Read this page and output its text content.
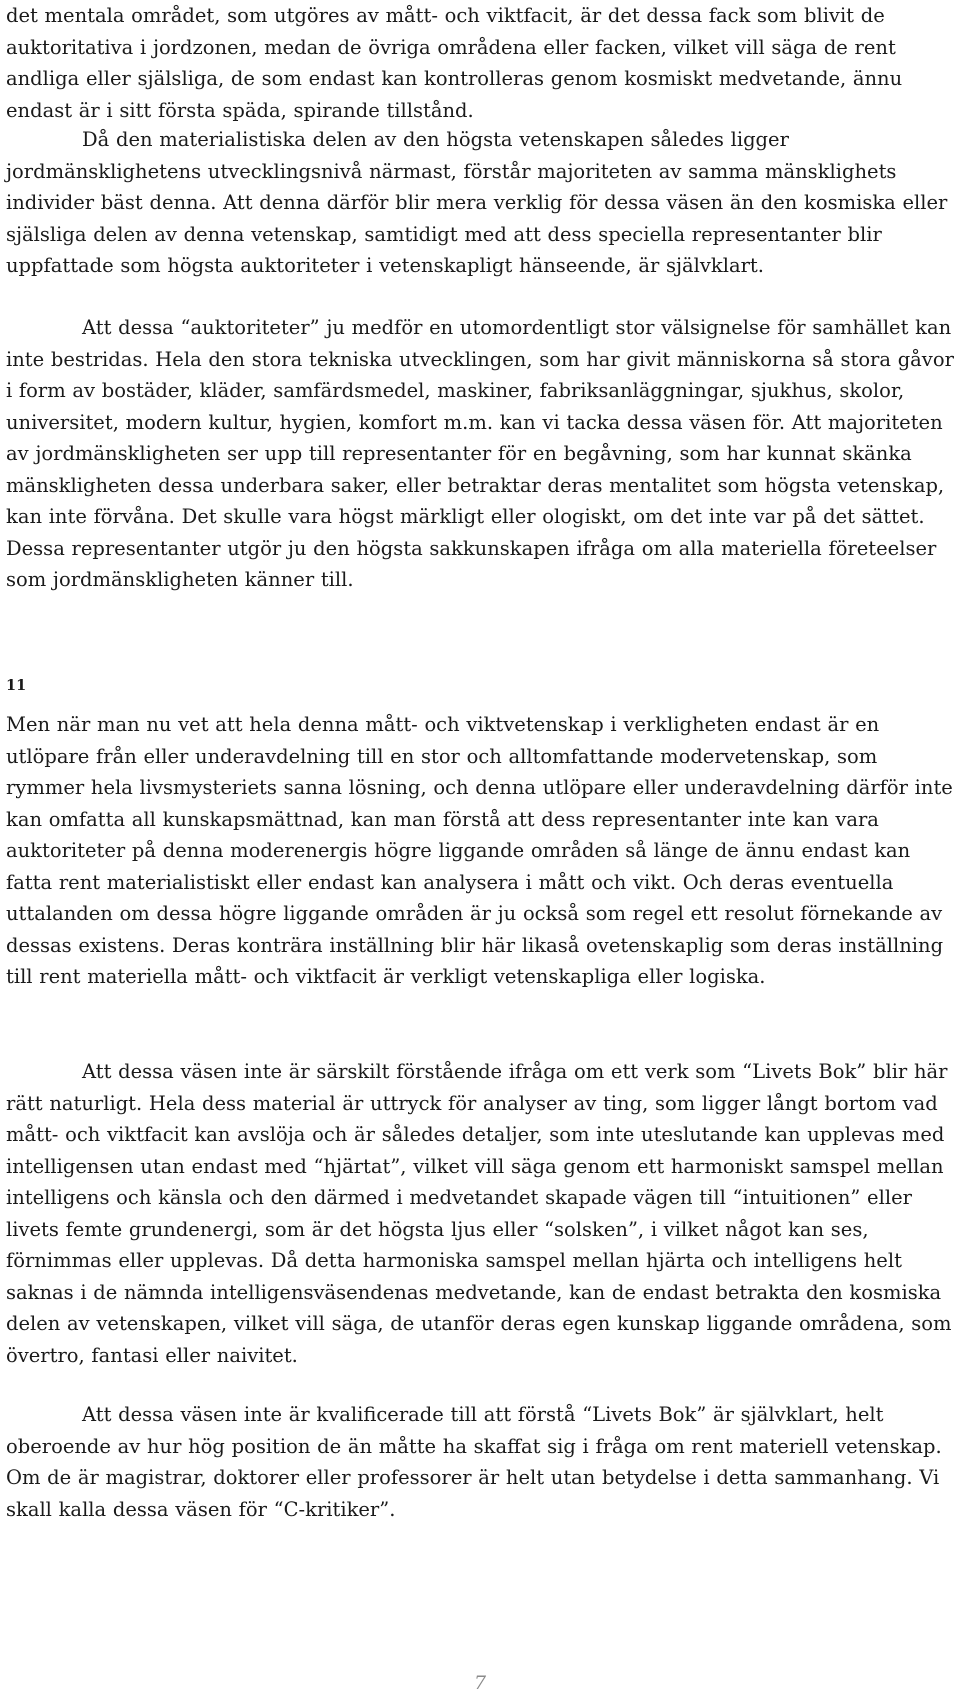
det mentala området, som utgöres av mått- och viktfacit, är det dessa fack som blivit de auktoritativa i jordzonen, medan de övriga områdena eller facken, vilket vill säga de rent andliga eller själsliga, de som endast kan kontrolleras genom kosmiskt medvetande, ännu endast är i sitt första späda, spirande tillstånd.

Då den materialistiska delen av den högsta vetenskapen således ligger jordmänsklighetens utvecklingsnivå närmast, förstår majoriteten av samma mänsklighets individer bäst denna. Att denna därför blir mera verklig för dessa väsen än den kosmiska eller själsliga delen av denna vetenskap, samtidigt med att dess speciella representanter blir uppfattade som högsta auktoriteter i vetenskapligt hänseende, är självklart.

Att dessa “auktoriteter” ju medför en utomordentligt stor välsignelse för samhället kan inte bestridas. Hela den stora tekniska utvecklingen, som har givit människorna så stora gåvor i form av bostäder, kläder, samfärdsmedel, maskiner, fabriksanläggningar, sjukhus, skolor, universitet, modern kultur, hygien, komfort m.m. kan vi tacka dessa väsen för. Att majoriteten av jordmänskligheten ser upp till representanter för en begåvning, som har kunnat skänka mänskligheten dessa underbara saker, eller betraktar deras mentalitet som högsta vetenskap, kan inte förvåna. Det skulle vara högst märkligt eller ologiskt, om det inte var på det sättet. Dessa representanter utgör ju den högsta sakkunskapen ifråga om alla materiella företeelser som jordmänskligheten känner till.

11

Men när man nu vet att hela denna mått- och viktvetenskap i verkligheten endast är en utlöpare från eller underavdelning till en stor och alltomfattande modervetenskap, som rymmer hela livsmysteriets sanna lösning, och denna utlöpare eller underavdelning därför inte kan omfatta all kunskapsmättnad, kan man förstå att dess representanter inte kan vara auktoriteter på denna moderenergis högre liggande områden så länge de ännu endast kan fatta rent materialistiskt eller endast kan analysera i mått och vikt. Och deras eventuella uttalanden om dessa högre liggande områden är ju också som regel ett resolut förnekande av dessas existens. Deras konträra inställning blir här likaså ovetenskaplig som deras inställning till rent materiella mått- och viktfacit är verkligt vetenskapliga eller logiska.

Att dessa väsen inte är särskilt förstående ifråga om ett verk som “Livets Bok” blir här rätt naturligt. Hela dess material är uttryck för analyser av ting, som ligger långt bortom vad mått- och viktfacit kan avslöja och är således detaljer, som inte uteslutande kan upplevas med intelligensen utan endast med “hjärtat”, vilket vill säga genom ett harmoniskt samspel mellan intelligens och känsla och den därmed i medvetandet skapade vägen till “intuitionen” eller livets femte grundenergi, som är det högsta ljus eller “solsken”, i vilket något kan ses, förnimmas eller upplevas. Då detta harmoniska samspel mellan hjärta och intelligens helt saknas i de nämnda intelligensväsendenas medvetande, kan de endast betrakta den kosmiska delen av vetenskapen, vilket vill säga, de utanför deras egen kunskap liggande områdena, som övertro, fantasi eller naivitet.

Att dessa väsen inte är kvalificerade till att förstå “Livets Bok” är självklart, helt oberoende av hur hög position de än måtte ha skaffat sig i fråga om rent materiell vetenskap. Om de är magistrar, doktorer eller professorer är helt utan betydelse i detta sammanhang. Vi skall kalla dessa väsen för “C-kritiker”.

7
